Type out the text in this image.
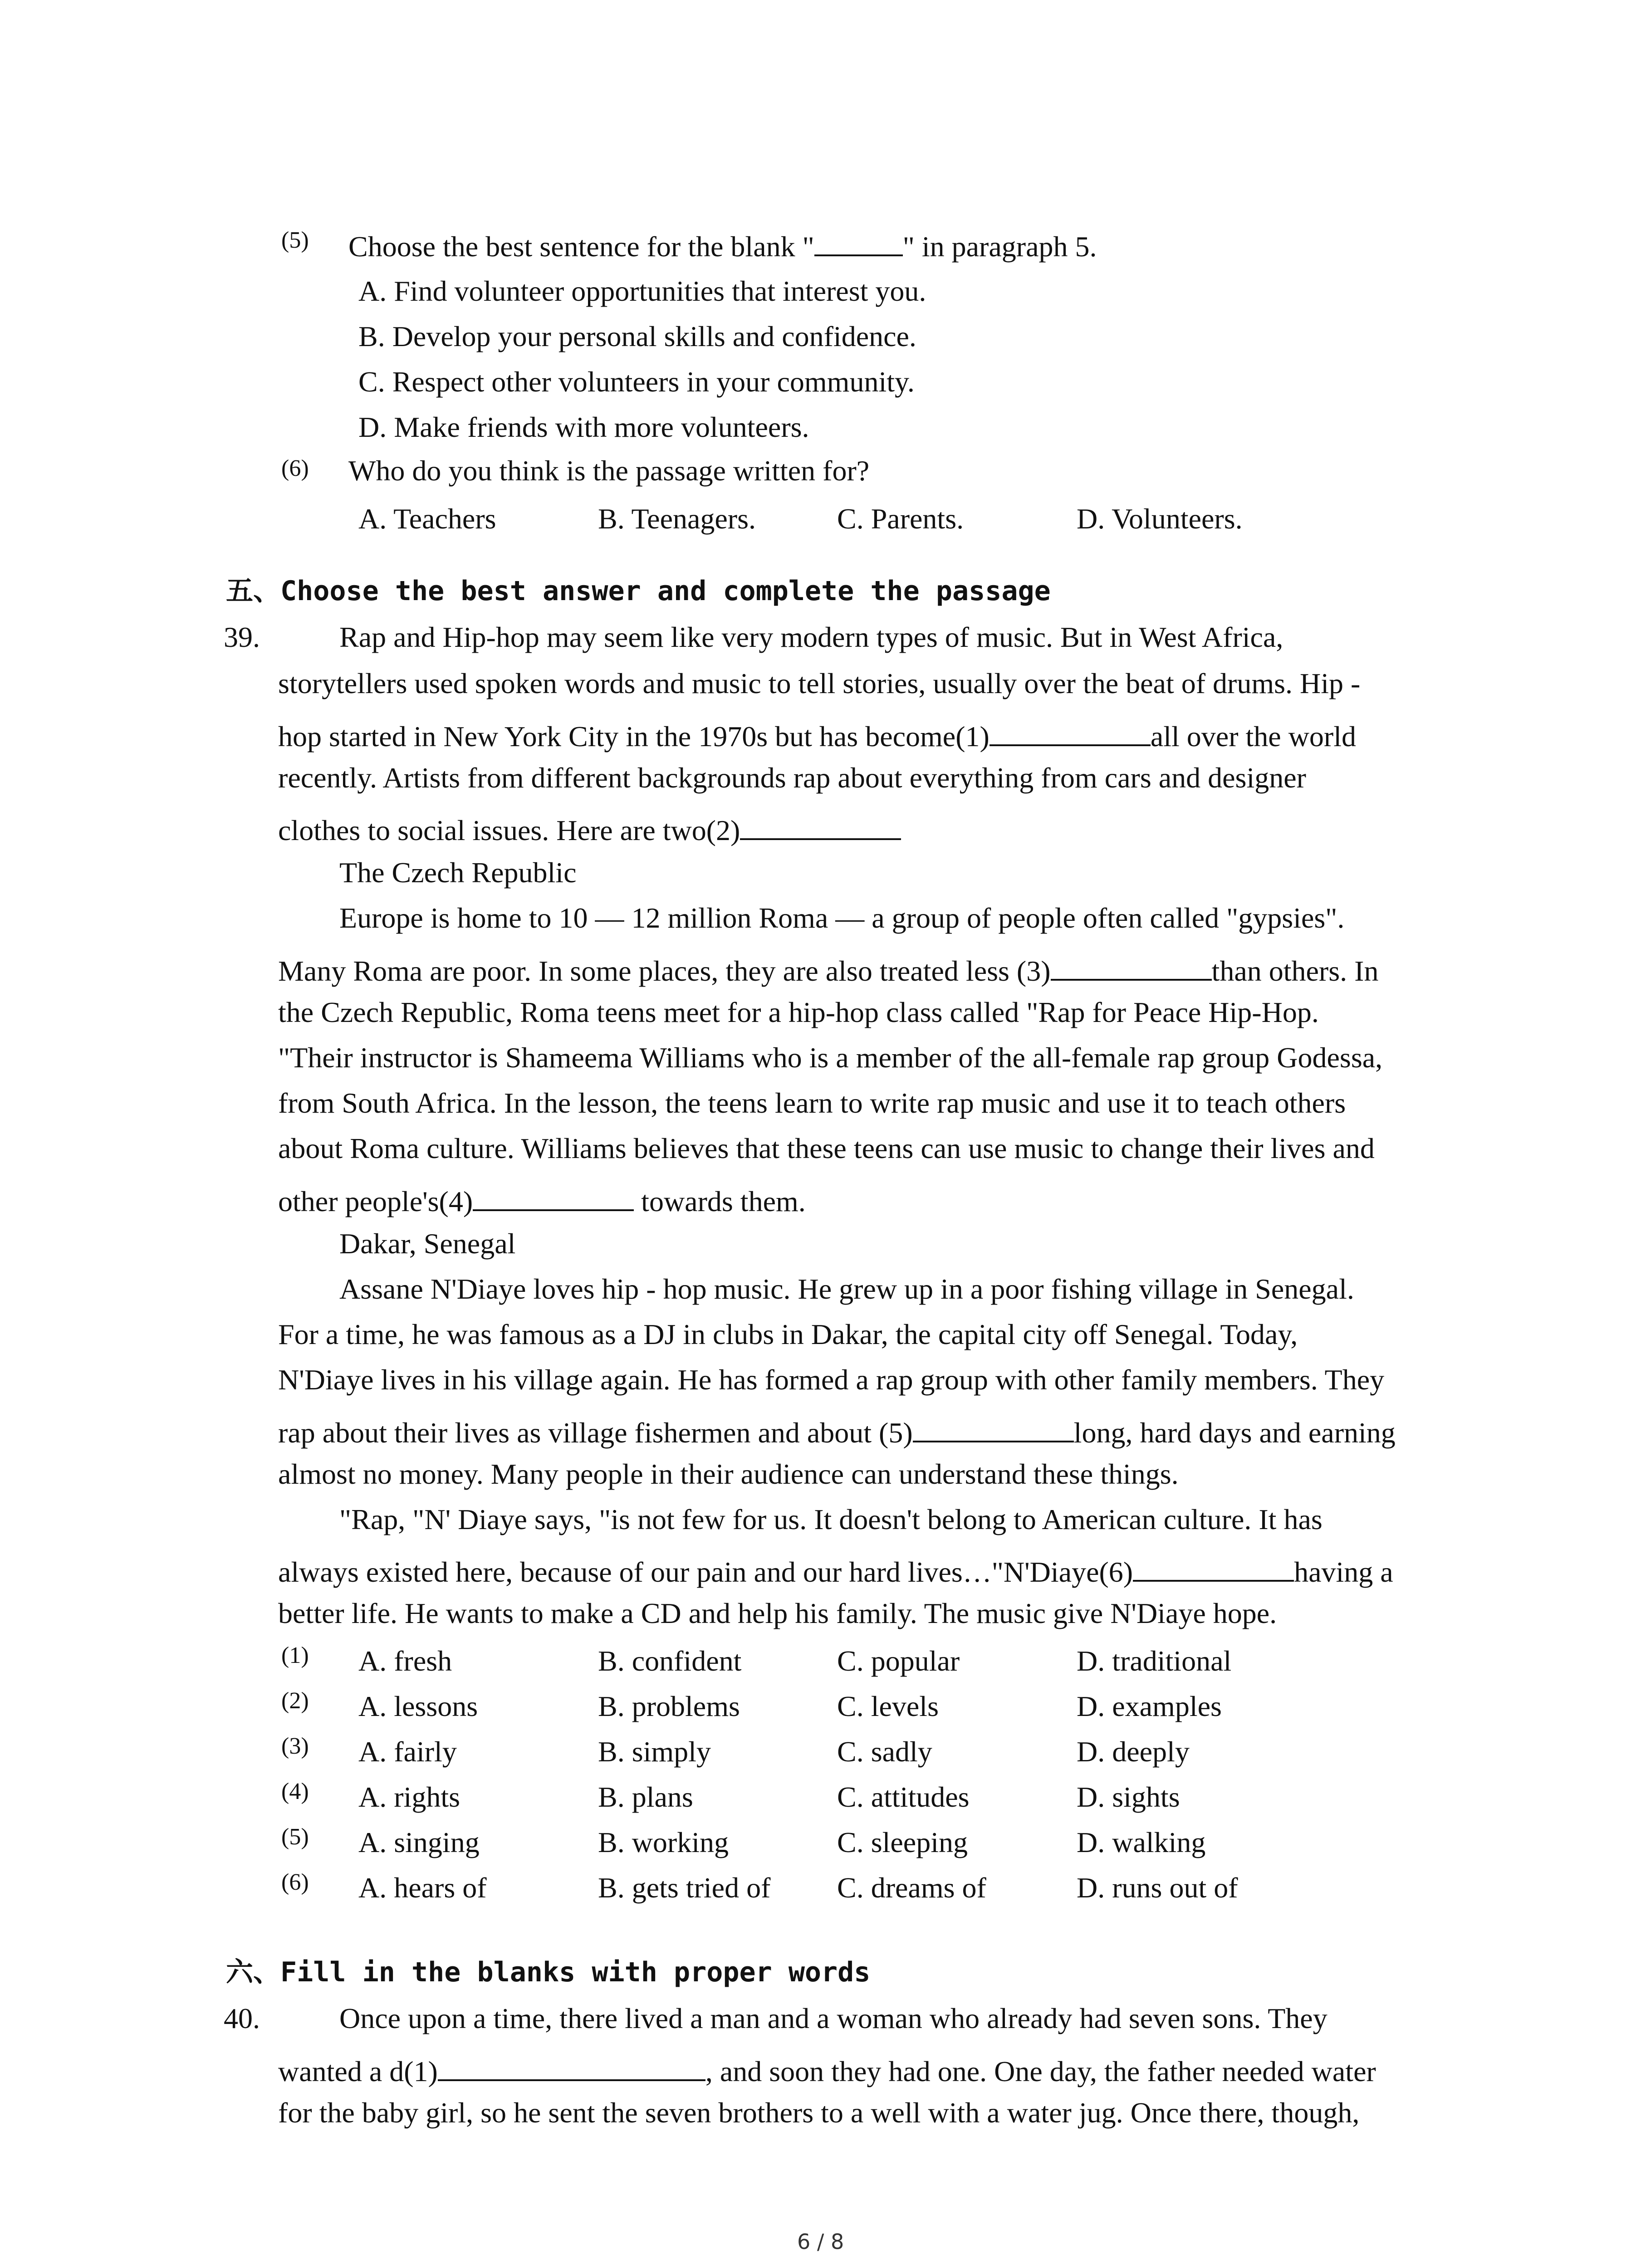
(5) Choose the best sentence for the blank "	" in paragraph 5.
A. Find volunteer opportunities that interest you.
B. Develop your personal skills and confidence.
C. Respect other volunteers in your community.
D. Make friends with more volunteers.
(6) Who do you think is the passage written for?
A. Teachers	B. Teenagers.	C. Parents.	D. Volunteers.
五、Choose the best answer and complete the passage
39.	Rap and Hip-hop may seem like very modern types of music. But in West Africa,
storytellers used spoken words and music to tell stories, usually over the beat of drums. Hip -
hop started in New York City in the 1970s but has become(1)	all over the world
recently. Artists from different backgrounds rap about everything from cars and designer
clothes to social issues. Here are two(2)
The Czech Republic
Europe is home to 10 — 12 million Roma — a group of people often called "gypsies".
Many Roma are poor. In some places, they are also treated less (3)	than others. In
the Czech Republic, Roma teens meet for a hip-hop class called "Rap for Peace Hip-Hop.
"Their instructor is Shameema Williams who is a member of the all-female rap group Godessa,
from South Africa. In the lesson, the teens learn to write rap music and use it to teach others
about Roma culture. Williams believes that these teens can use music to change their lives and
other people's(4)	towards them.
Dakar, Senegal
Assane N'Diaye loves hip - hop music. He grew up in a poor fishing village in Senegal.
For a time, he was famous as a DJ in clubs in Dakar, the capital city off Senegal. Today,
N'Diaye lives in his village again. He has formed a rap group with other family members. They
rap about their lives as village fishermen and about (5)	long, hard days and earning
almost no money. Many people in their audience can understand these things.
"Rap, "N' Diaye says, "is not few for us. It doesn't belong to American culture. It has
always existed here, because of our pain and our hard lives…"N'Diaye(6)	having a
better life. He wants to make a CD and help his family. The music give N'Diaye hope.
(1) A. fresh	B. confident	C. popular	D. traditional
(2) A. lessons	B. problems	C. levels	D. examples
(3) A. fairly	B. simply	C. sadly	D. deeply
(4) A. rights	B. plans	C. attitudes	D. sights
(5) A. singing	B. working	C. sleeping	D. walking
(6) A. hears of	B. gets tried of C. dreams of	D. runs out of
六、Fill in the blanks with proper words
40.	Once upon a time, there lived a man and a woman who already had seven sons. They
wanted a d(1)	, and soon they had one. One day, the father needed water
for the baby girl, so he sent the seven brothers to a well with a water jug. Once there, though,
6 / 8
